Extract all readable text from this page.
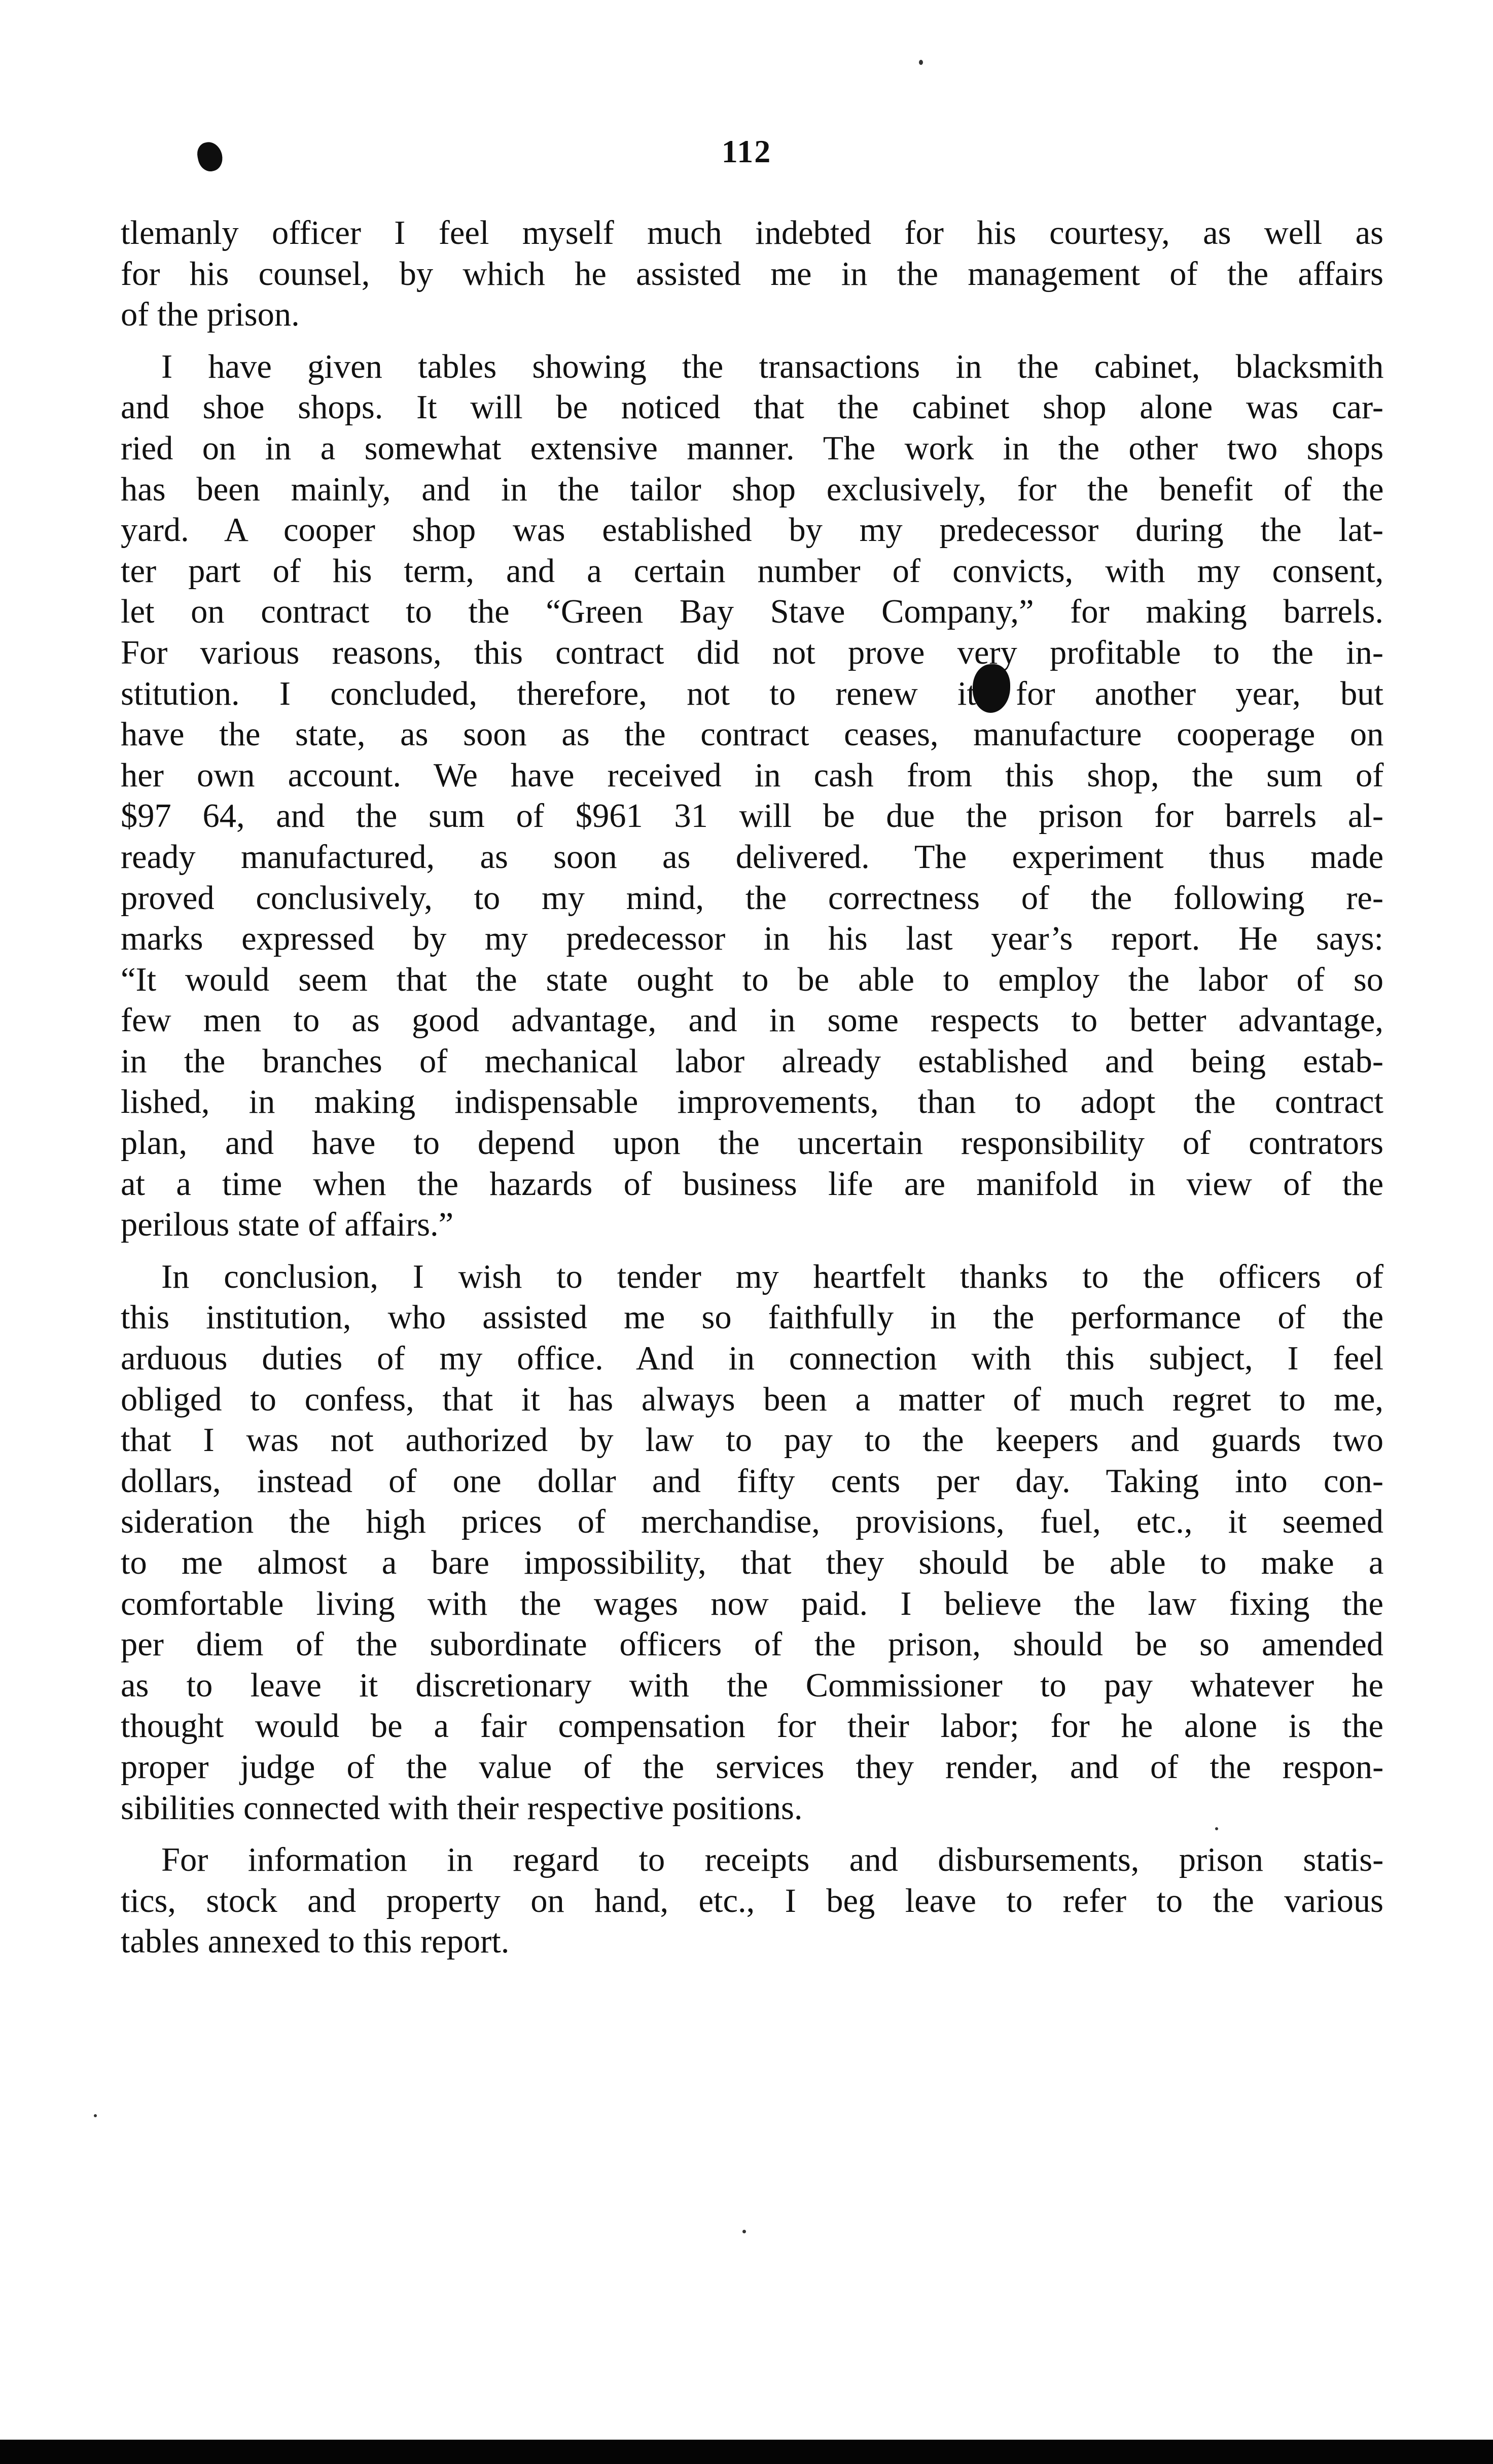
112
tlemanly officer I feel myself much indebted for his courtesy, as well as
for his counsel, by which he assisted me in the management of the affairs
of the prison.
I have given tables showing the transactions in the cabinet, blacksmith
and shoe shops. It will be noticed that the cabinet shop alone was car-
ried on in a somewhat extensive manner. The work in the other two shops
has been mainly, and in the tailor shop exclusively, for the benefit of the
yard. A cooper shop was established by my predecessor during the lat-
ter part of his term, and a certain number of convicts, with my consent,
let on contract to the “Green Bay Stave Company,” for making barrels.
For various reasons, this contract did not prove very profitable to the in-
stitution. I concluded, therefore, not to renew it for another year, but
have the state, as soon as the contract ceases, manufacture cooperage on
her own account. We have received in cash from this shop, the sum of
$97 64, and the sum of $961 31 will be due the prison for barrels al-
ready manufactured, as soon as delivered. The experiment thus made
proved conclusively, to my mind, the correctness of the following re-
marks expressed by my predecessor in his last year’s report. He says:
“It would seem that the state ought to be able to employ the labor of so
few men to as good advantage, and in some respects to better advantage,
in the branches of mechanical labor already established and being estab-
lished, in making indispensable improvements, than to adopt the contract
plan, and have to depend upon the uncertain responsibility of contrators
at a time when the hazards of business life are manifold in view of the
perilous state of affairs.”
In conclusion, I wish to tender my heartfelt thanks to the officers of
this institution, who assisted me so faithfully in the performance of the
arduous duties of my office. And in connection with this subject, I feel
obliged to confess, that it has always been a matter of much regret to me,
that I was not authorized by law to pay to the keepers and guards two
dollars, instead of one dollar and fifty cents per day. Taking into con-
sideration the high prices of merchandise, provisions, fuel, etc., it seemed
to me almost a bare impossibility, that they should be able to make a
comfortable living with the wages now paid. I believe the law fixing the
per diem of the subordinate officers of the prison, should be so amended
as to leave it discretionary with the Commissioner to pay whatever he
thought would be a fair compensation for their labor; for he alone is the
proper judge of the value of the services they render, and of the respon-
sibilities connected with their respective positions.
For information in regard to receipts and disbursements, prison statis-
tics, stock and property on hand, etc., I beg leave to refer to the various
tables annexed to this report.
